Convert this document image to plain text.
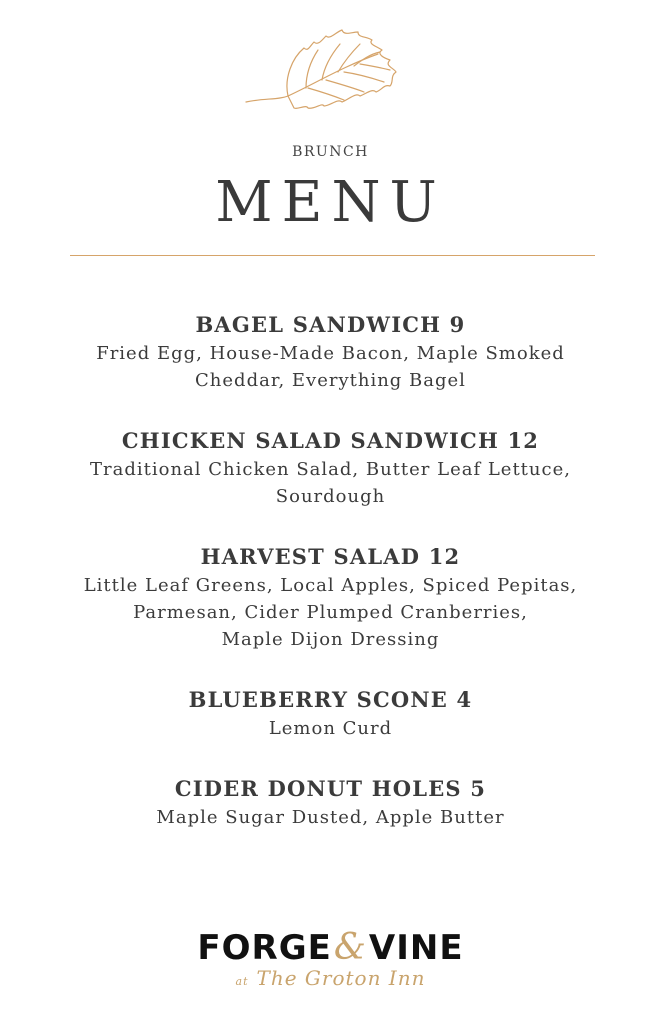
BRUNCH
MENU
BAGEL SANDWICH 9
Fried Egg, House-Made Bacon, Maple Smoked
Cheddar, Everything Bagel
CHICKEN SALAD SANDWICH 12
Traditional Chicken Salad, Butter Leaf Lettuce,
Sourdough
HARVEST SALAD 12
Little Leaf Greens, Local Apples, Spiced Pepitas,
Parmesan, Cider Plumped Cranberries,
Maple Dijon Dressing
BLUEBERRY SCONE 4
Lemon Curd
CIDER DONUT HOLES 5
Maple Sugar Dusted, Apple Butter
FORGE&VINE
at The Groton Inn
